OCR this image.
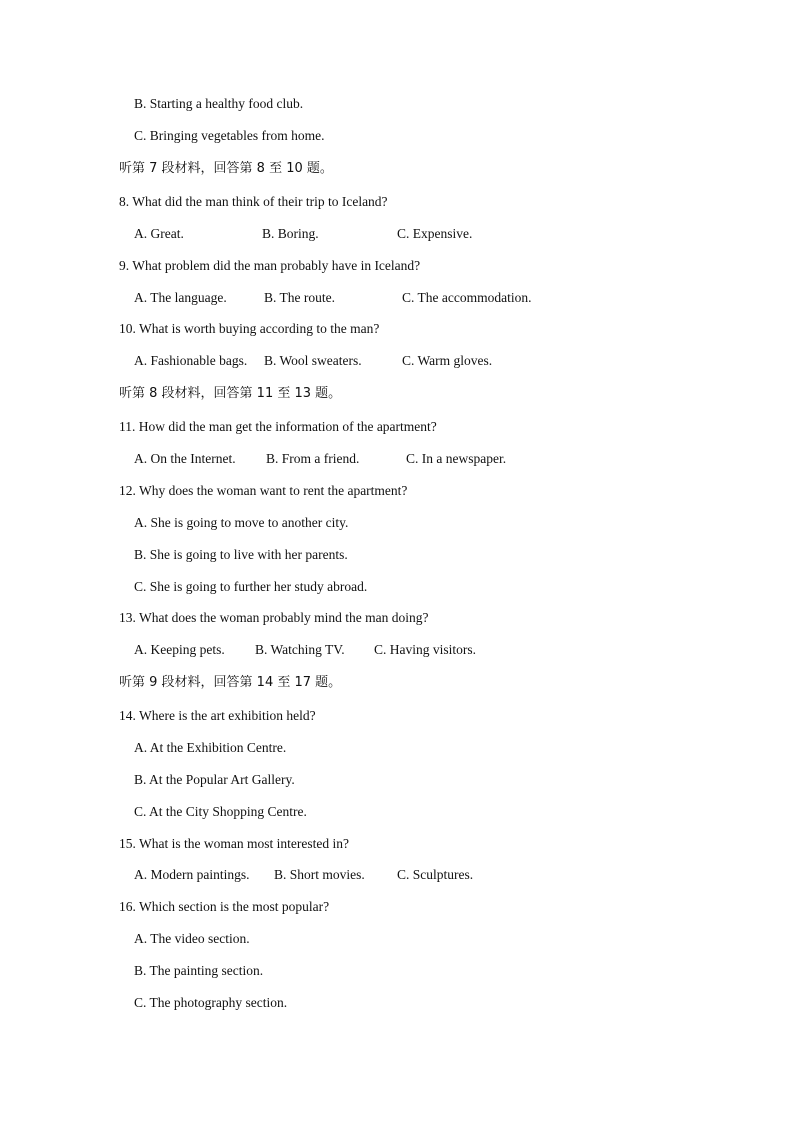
B. Starting a healthy food club.
C. Bringing vegetables from home.
听第 7 段材料，回答第 8 至 10 题。
8. What did the man think of their trip to Iceland?
A. Great.	B. Boring.	C. Expensive.
9. What problem did the man probably have in Iceland?
A. The language.	B. The route.	C. The accommodation.
10. What is worth buying according to the man?
A. Fashionable bags. B. Wool sweaters.	C. Warm gloves.
听第 8 段材料，回答第 11 至 13 题。
11. How did the man get the information of the apartment?
A. On the Internet. B. From a friend.	C. In a newspaper.
12. Why does the woman want to rent the apartment?
A. She is going to move to another city.
B. She is going to live with her parents.
C. She is going to further her study abroad.
13. What does the woman probably mind the man doing?
A. Keeping pets. B. Watching TV. C. Having visitors.
听第 9 段材料，回答第 14 至 17 题。
14. Where is the art exhibition held?
A. At the Exhibition Centre.
B. At the Popular Art Gallery.
C. At the City Shopping Centre.
15. What is the woman most interested in?
A. Modern paintings. B. Short movies. C. Sculptures.
16. Which section is the most popular?
A. The video section.
B. The painting section.
C. The photography section.
